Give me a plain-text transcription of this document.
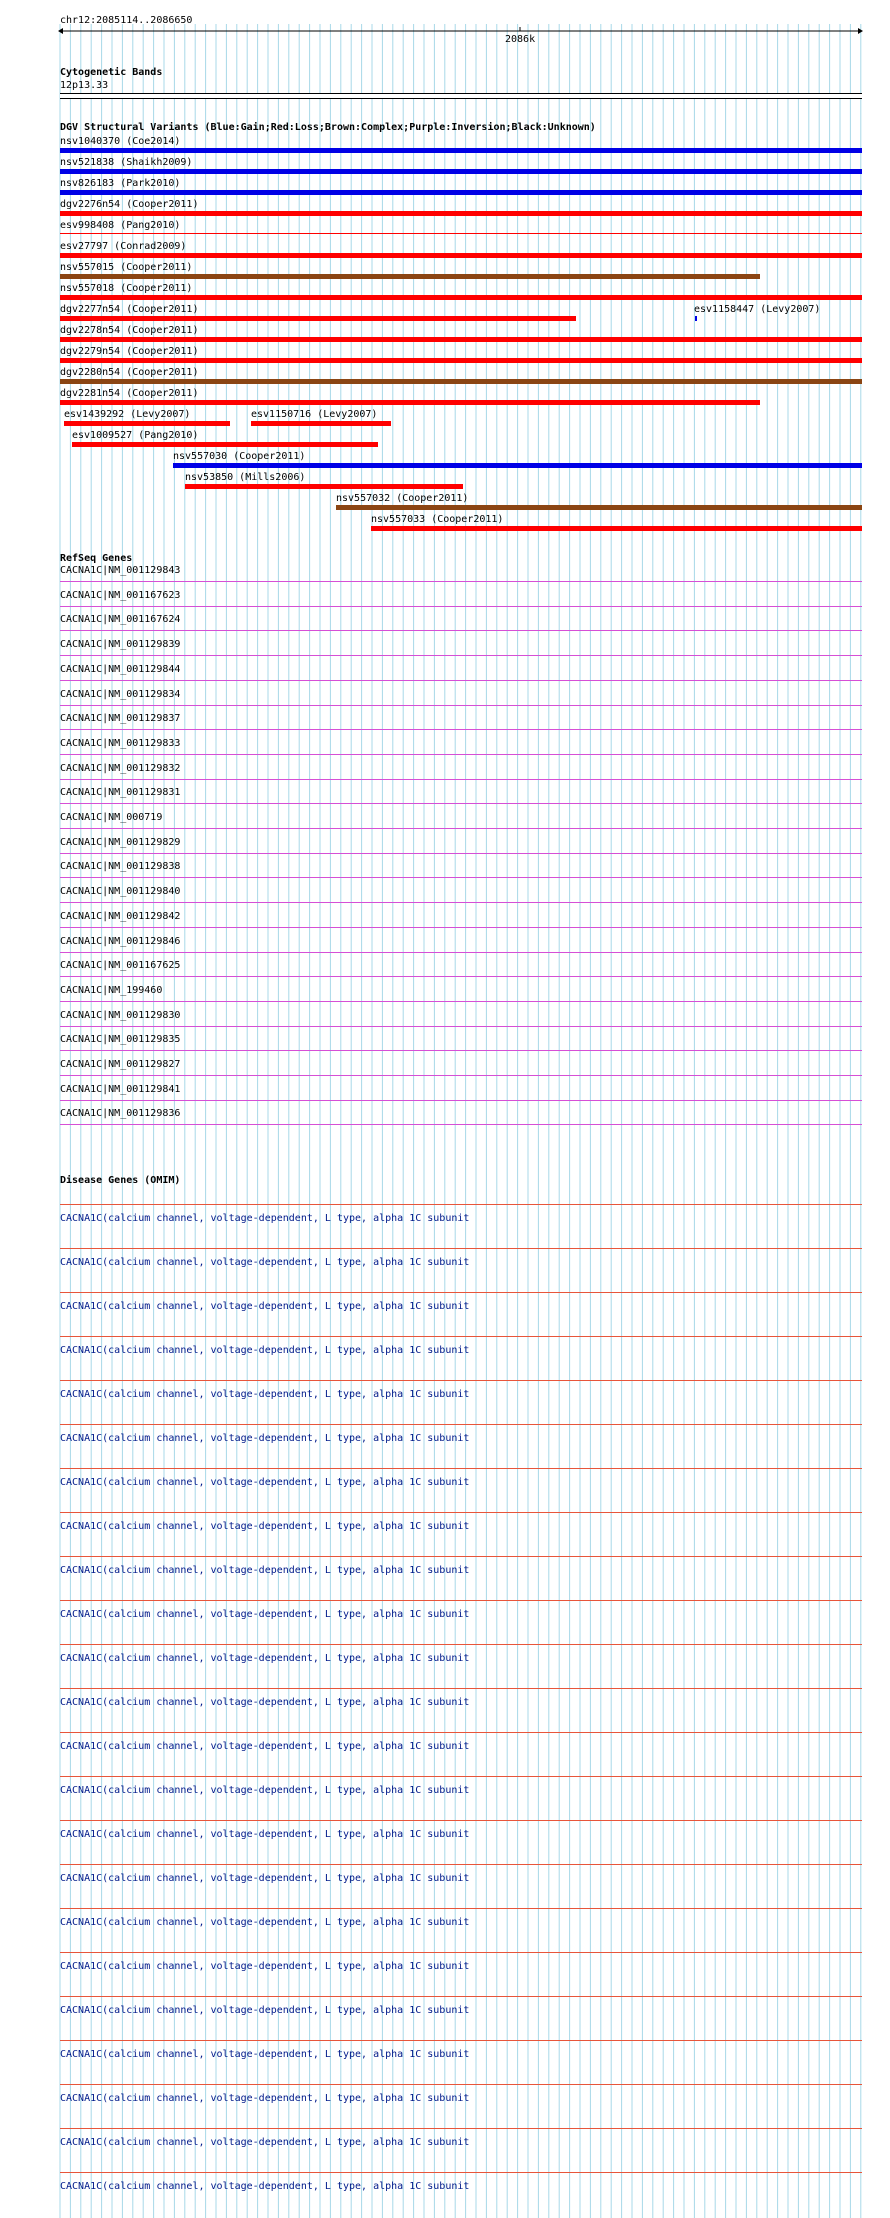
chr12:2085114..2086650
2086k
Cytogenetic Bands
12p13.33
DGV Structural Variants (Blue:Gain;Red:Loss;Brown:Complex;Purple:Inversion;Black:Unknown)
nsv1040370 (Coe2014)
nsv521838 (Shaikh2009)
nsv826183 (Park2010)
dgv2276n54 (Cooper2011)
esv998408 (Pang2010)
esv27797 (Conrad2009)
nsv557015 (Cooper2011)
nsv557018 (Cooper2011)
dgv2277n54 (Cooper2011)	esv1158447 (Levy2007)
dgv2278n54 (Cooper2011)
dgv2279n54 (Cooper2011)
dgv2280n54 (Cooper2011)
dgv2281n54 (Cooper2011)
esv1439292 (Levy2007)	esv1150716 (Levy2007)
esv1009527 (Pang2010)
nsv557030 (Cooper2011)
nsv53850 (Mills2006)
nsv557032 (Cooper2011)
nsv557033 (Cooper2011)
RefSeq Genes
CACNA1C|NM_001129843
CACNA1C|NM_001167623
CACNA1C|NM_001167624
CACNA1C|NM_001129839
CACNA1C|NM_001129844
CACNA1C|NM_001129834
CACNA1C|NM_001129837
CACNA1C|NM_001129833
CACNA1C|NM_001129832
CACNA1C|NM_001129831
CACNA1C|NM_000719
CACNA1C|NM_001129829
CACNA1C|NM_001129838
CACNA1C|NM_001129840
CACNA1C|NM_001129842
CACNA1C|NM_001129846
CACNA1C|NM_001167625
CACNA1C|NM_199460
CACNA1C|NM_001129830
CACNA1C|NM_001129835
CACNA1C|NM_001129827
CACNA1C|NM_001129841
CACNA1C|NM_001129836
Disease Genes (OMIM)
CACNA1C(calcium channel, voltage-dependent, L type, alpha 1C subunit
CACNA1C(calcium channel, voltage-dependent, L type, alpha 1C subunit
CACNA1C(calcium channel, voltage-dependent, L type, alpha 1C subunit
CACNA1C(calcium channel, voltage-dependent, L type, alpha 1C subunit
CACNA1C(calcium channel, voltage-dependent, L type, alpha 1C subunit
CACNA1C(calcium channel, voltage-dependent, L type, alpha 1C subunit
CACNA1C(calcium channel, voltage-dependent, L type, alpha 1C subunit
CACNA1C(calcium channel, voltage-dependent, L type, alpha 1C subunit
CACNA1C(calcium channel, voltage-dependent, L type, alpha 1C subunit
CACNA1C(calcium channel, voltage-dependent, L type, alpha 1C subunit
CACNA1C(calcium channel, voltage-dependent, L type, alpha 1C subunit
CACNA1C(calcium channel, voltage-dependent, L type, alpha 1C subunit
CACNA1C(calcium channel, voltage-dependent, L type, alpha 1C subunit
CACNA1C(calcium channel, voltage-dependent, L type, alpha 1C subunit
CACNA1C(calcium channel, voltage-dependent, L type, alpha 1C subunit
CACNA1C(calcium channel, voltage-dependent, L type, alpha 1C subunit
CACNA1C(calcium channel, voltage-dependent, L type, alpha 1C subunit
CACNA1C(calcium channel, voltage-dependent, L type, alpha 1C subunit
CACNA1C(calcium channel, voltage-dependent, L type, alpha 1C subunit
CACNA1C(calcium channel, voltage-dependent, L type, alpha 1C subunit
CACNA1C(calcium channel, voltage-dependent, L type, alpha 1C subunit
CACNA1C(calcium channel, voltage-dependent, L type, alpha 1C subunit
CACNA1C(calcium channel, voltage-dependent, L type, alpha 1C subunit
